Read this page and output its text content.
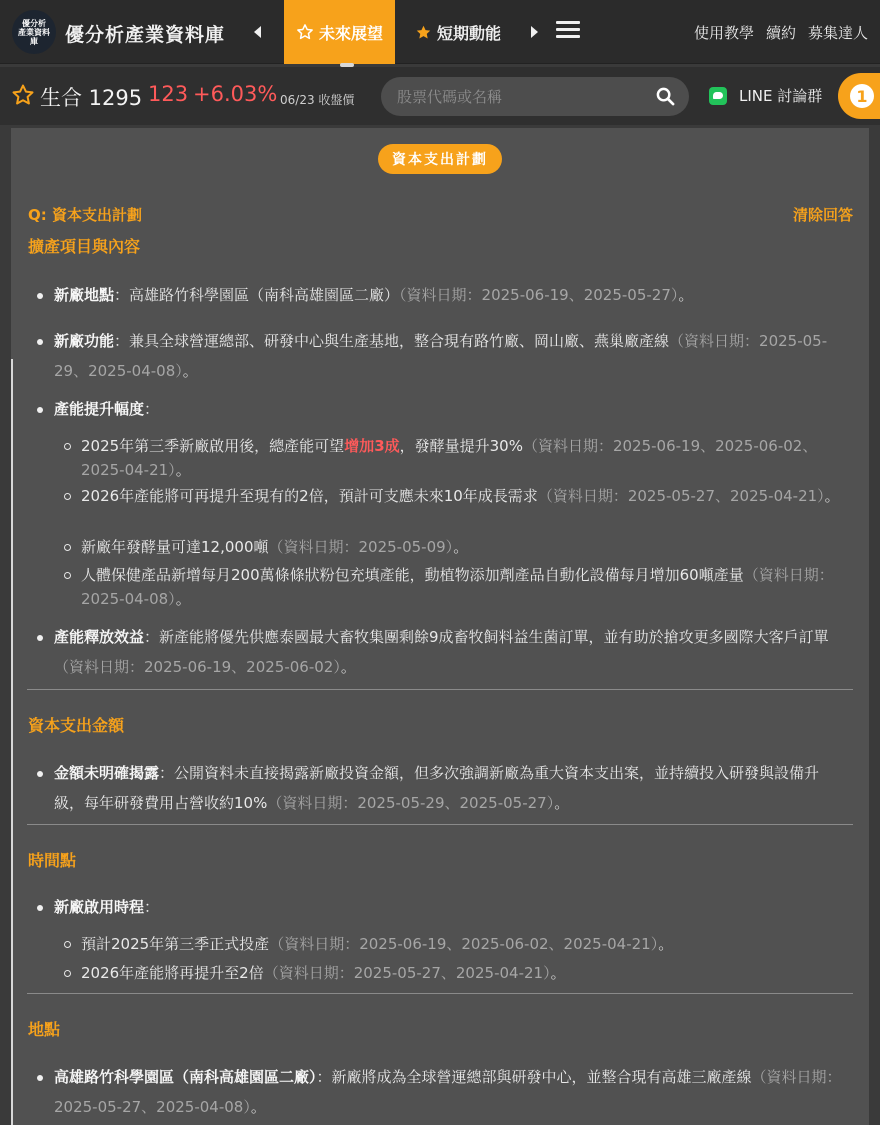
優分析
產業資料庫	優分析產業資料庫	未來展望	短期動能	使用教學 續約 募集達人
生合 1295 123 +6.03% 06/23 收盤價
股票代碼或名稱	LINE 討論群	1
資本支出計劃
Q: 資本支出計劃	清除回答
擴產項目與內容
新廠地點：高雄路竹科學園區（南科高雄園區二廠）（資料日期：2025-06-19、2025-05-27）。
新廠功能：兼具全球營運總部、研發中心與生產基地，整合現有路竹廠、岡山廠、燕巢廠產線（資料日期：2025-05-29、2025-04-08）。
產能提升幅度：
2025年第三季新廠啟用後，總產能可望增加3成，發酵量提升30%（資料日期：2025-06-19、2025-06-02、2025-04-21）。
2026年產能將可再提升至現有的2倍，預計可支應未來10年成長需求（資料日期：2025-05-27、2025-04-21）。
新廠年發酵量可達12,000噸（資料日期：2025-05-09）。
人體保健產品新增每月200萬條條狀粉包充填產能，動植物添加劑產品自動化設備每月增加60噸產量（資料日期：2025-04-08）。
產能釋放效益：新產能將優先供應泰國最大畜牧集團剩餘9成畜牧飼料益生菌訂單，並有助於搶攻更多國際大客戶訂單（資料日期：2025-06-19、2025-06-02）。
資本支出金額
金額未明確揭露：公開資料未直接揭露新廠投資金額，但多次強調新廠為重大資本支出案，並持續投入研發與設備升級，每年研發費用占營收約10%（資料日期：2025-05-29、2025-05-27）。
時間點
新廠啟用時程：
預計2025年第三季正式投產（資料日期：2025-06-19、2025-06-02、2025-04-21）。
2026年產能將再提升至2倍（資料日期：2025-05-27、2025-04-21）。
地點
高雄路竹科學園區（南科高雄園區二廠）：新廠將成為全球營運總部與研發中心，並整合現有高雄三廠產線（資料日期：2025-05-27、2025-04-08）。
